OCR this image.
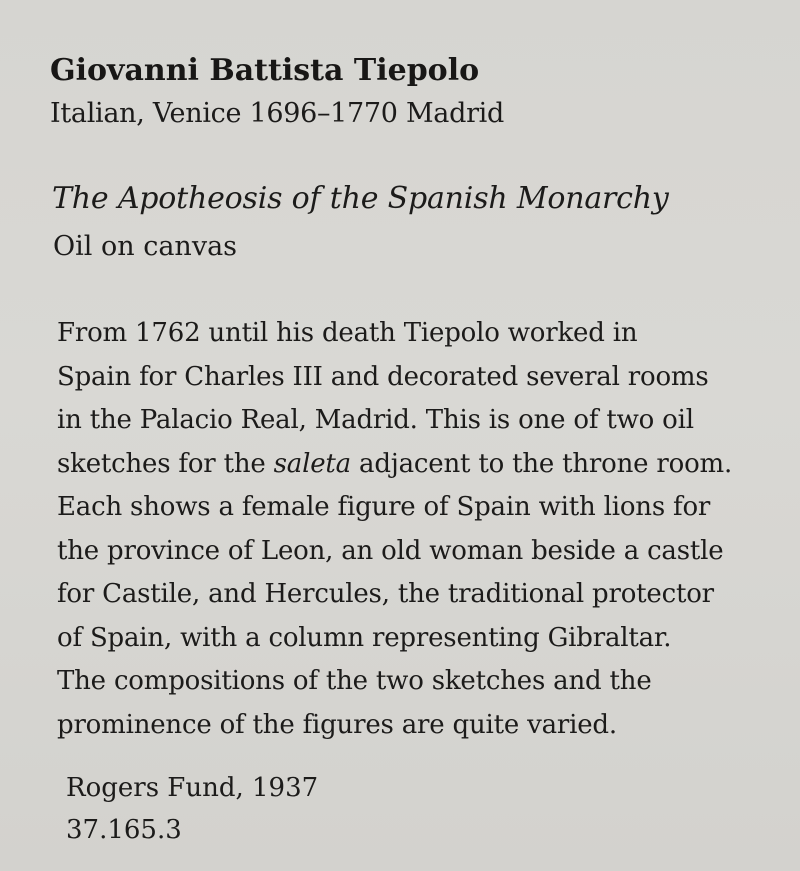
Giovanni Battista Tiepolo
Italian, Venice 1696–1770 Madrid
The Apotheosis of the Spanish Monarchy
Oil on canvas
From 1762 until his death Tiepolo worked in
Spain for Charles III and decorated several rooms
in the Palacio Real, Madrid. This is one of two oil
sketches for the saleta adjacent to the throne room.
Each shows a female figure of Spain with lions for
the province of Leon, an old woman beside a castle
for Castile, and Hercules, the traditional protector
of Spain, with a column representing Gibraltar.
The compositions of the two sketches and the
prominence of the figures are quite varied.
Rogers Fund, 1937
37.165.3
